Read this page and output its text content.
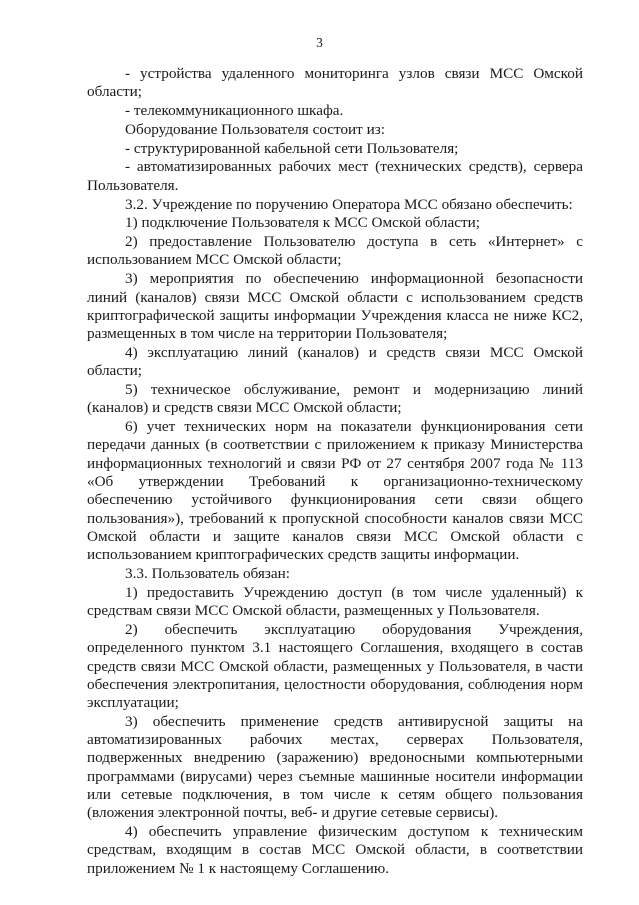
3

- устройства удаленного мониторинга узлов связи МСС Омской области;

- телекоммуникационного шкафа.

Оборудование Пользователя состоит из:

- структурированной кабельной сети Пользователя;

- автоматизированных рабочих мест (технических средств), сервера Пользователя.

3.2. Учреждение по поручению Оператора МСС обязано обеспечить:

1) подключение Пользователя к МСС Омской области;

2) предоставление Пользователю доступа в сеть «Интернет» с использованием МСС Омской области;

3) мероприятия по обеспечению информационной безопасности линий (каналов) связи МСС Омской области с использованием средств криптографической защиты информации Учреждения класса не ниже КС2, размещенных в том числе на территории Пользователя;

4) эксплуатацию линий (каналов) и средств связи МСС Омской области;

5) техническое обслуживание, ремонт и модернизацию линий (каналов) и средств связи МСС Омской области;

6) учет технических норм на показатели функционирования сети передачи данных (в соответствии с приложением к приказу Министерства информационных технологий и связи РФ от 27 сентября 2007 года № 113 «Об утверждении Требований к организационно-техническому обеспечению устойчивого функционирования сети связи общего пользования»), требований к пропускной способности каналов связи МСС Омской области и защите каналов связи МСС Омской области с использованием криптографических средств защиты информации.

3.3. Пользователь обязан:

1) предоставить Учреждению доступ (в том числе удаленный) к средствам связи МСС Омской области, размещенных у Пользователя.

2) обеспечить эксплуатацию оборудования Учреждения, определенного пунктом 3.1 настоящего Соглашения, входящего в состав средств связи МСС Омской области, размещенных у Пользователя, в части обеспечения электропитания, целостности оборудования, соблюдения норм эксплуатации;

3) обеспечить применение средств антивирусной защиты на автоматизированных рабочих местах, серверах Пользователя, подверженных внедрению (заражению) вредоносными компьютерными программами (вирусами) через съемные машинные носители информации или сетевые подключения, в том числе к сетям общего пользования (вложения электронной почты, веб- и другие сетевые сервисы).

4) обеспечить управление физическим доступом к техническим средствам, входящим в состав МСС Омской области, в соответствии приложением № 1 к настоящему Соглашению.
